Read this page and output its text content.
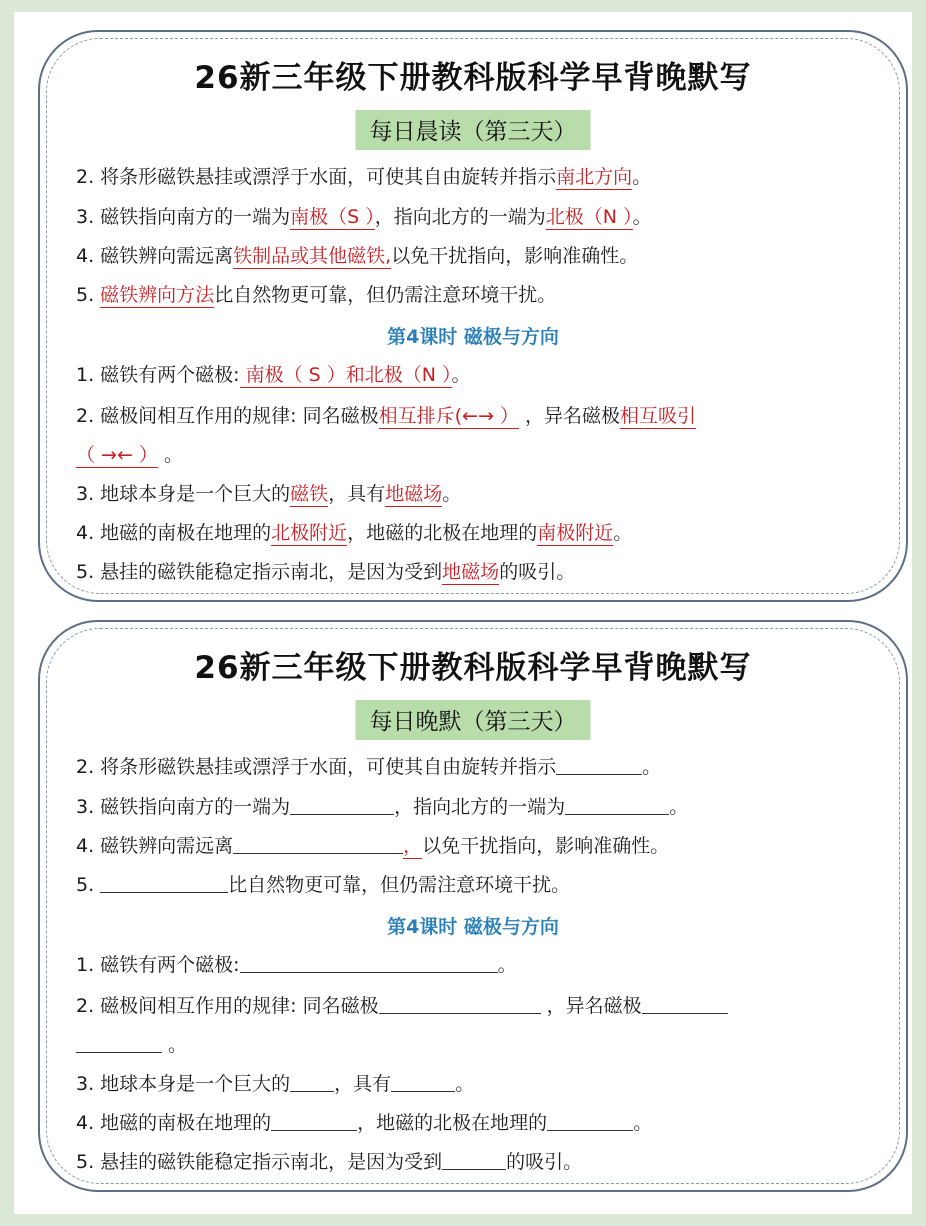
26新三年级下册教科版科学早背晚默写
每日晨读（第三天）
2. 将条形磁铁悬挂或漂浮于水面，可使其自由旋转并指示南北方向。
3. 磁铁指向南方的一端为南极（S ），指向北方的一端为北极（N ）。
4. 磁铁辨向需远离铁制品或其他磁铁,以免干扰指向，影响准确性。
5. 磁铁辨向方法比自然物更可靠，但仍需注意环境干扰。
第4课时 磁极与方向
1. 磁铁有两个磁极: 南极（ S ）和北极（N ）。
2. 磁极间相互作用的规律: 同名磁极相互排斥(←→ ） ，异名磁极相互吸引
（ →← ） 。
3. 地球本身是一个巨大的磁铁，具有地磁场。
4. 地磁的南极在地理的北极附近，地磁的北极在地理的南极附近。
5. 悬挂的磁铁能稳定指示南北，是因为受到地磁场的吸引。
26新三年级下册教科版科学早背晚默写
每日晚默（第三天）
2. 将条形磁铁悬挂或漂浮于水面，可使其自由旋转并指示	。
3. 磁铁指向南方的一端为	，指向北方的一端为	。
4. 磁铁辨向需远离	，以免干扰指向，影响准确性。
5.	比自然物更可靠，但仍需注意环境干扰。
第4课时 磁极与方向
1. 磁铁有两个磁极:	。
2. 磁极间相互作用的规律: 同名磁极	，异名磁极
。
3. 地球本身是一个巨大的 ，具有	。
4. 地磁的南极在地理的	，地磁的北极在地理的	。
5. 悬挂的磁铁能稳定指示南北，是因为受到	的吸引。
